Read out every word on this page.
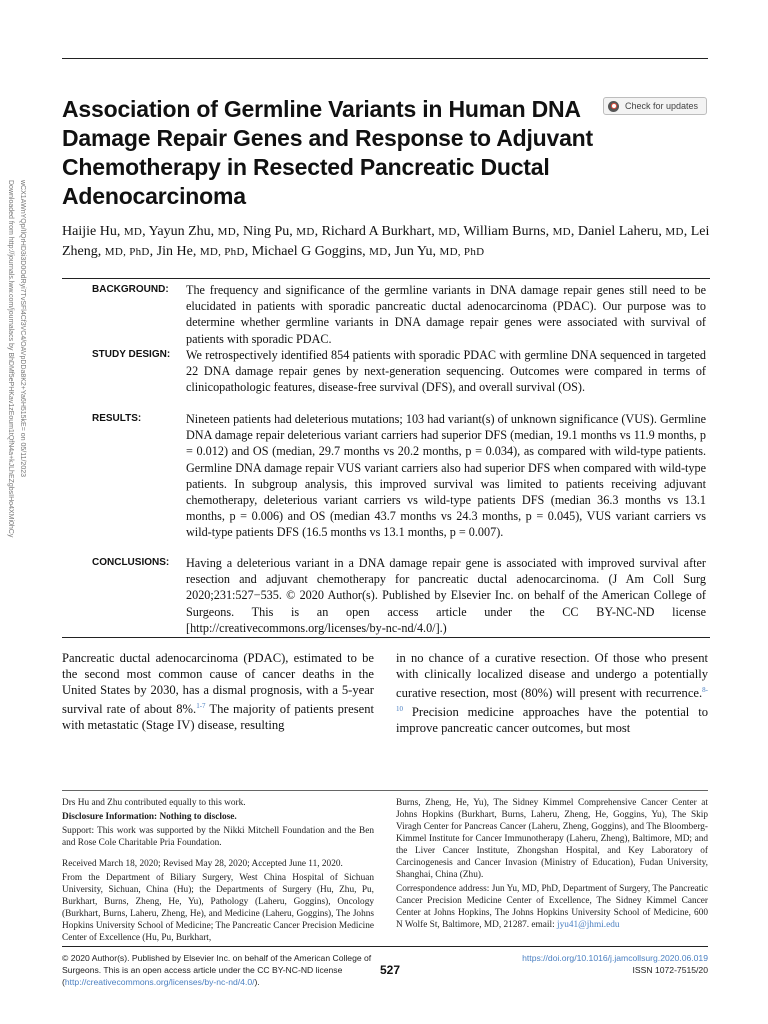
Downloaded from http://journals.lww.com/journalacs by BhDMf5ePHKav1zEoum1tQfN4a+kJLhEZgbsIHo4XMi0hCy wCX1AWnYQp/IlQrHD3i3D0OdRyi7TvSFl4Cf3VC4/OAVpDDa8K2+Ya6H515kE= on 05/11/2023
Association of Germline Variants in Human DNA Damage Repair Genes and Response to Adjuvant Chemotherapy in Resected Pancreatic Ductal Adenocarcinoma
Check for updates
Haijie Hu, MD, Yayun Zhu, MD, Ning Pu, MD, Richard A Burkhart, MD, William Burns, MD, Daniel Laheru, MD, Lei Zheng, MD, PhD, Jin He, MD, PhD, Michael G Goggins, MD, Jun Yu, MD, PhD
BACKGROUND: The frequency and significance of the germline variants in DNA damage repair genes still need to be elucidated in patients with sporadic pancreatic ductal adenocarcinoma (PDAC). Our purpose was to determine whether germline variants in DNA damage repair genes were associated with survival of patients with sporadic PDAC.
STUDY DESIGN: We retrospectively identified 854 patients with sporadic PDAC with germline DNA sequenced in targeted 22 DNA damage repair genes by next-generation sequencing. Outcomes were compared in terms of clinicopathologic features, disease-free survival (DFS), and overall survival (OS).
RESULTS:	Nineteen patients had deleterious mutations; 103 had variant(s) of unknown significance (VUS). Germline DNA damage repair deleterious variant carriers had superior DFS (median, 19.1 months vs 11.9 months, p = 0.012) and OS (median, 29.7 months vs 20.2 months, p = 0.034), as compared with wild-type patients. Germline DNA damage repair VUS variant carriers also had superior DFS when compared with wild-type patients. In subgroup analysis, this improved survival was limited to patients receiving adjuvant chemotherapy, deleterious variant carriers vs wild-type patients DFS (median 36.3 months vs 13.1 months, p = 0.006) and OS (median 43.7 months vs 24.3 months, p = 0.045), VUS variant carriers vs wild-type patients DFS (16.5 months vs 13.1 months, p = 0.007).
CONCLUSIONS: Having a deleterious variant in a DNA damage repair gene is associated with improved survival after resection and adjuvant chemotherapy for pancreatic ductal adenocarcinoma. (J Am Coll Surg 2020;231:527−535. © 2020 Author(s). Published by Elsevier Inc. on behalf of the American College of Surgeons. This is an open access article under the CC BY-NC-ND license [http://creativecommons.org/licenses/by-nc-nd/4.0/].)
Pancreatic ductal adenocarcinoma (PDAC), estimated to be the second most common cause of cancer deaths in the United States by 2030, has a dismal prognosis, with a 5-year survival rate of about 8%.$^{1-7}$ The majority of patients present with metastatic (Stage IV) disease, resulting
in no chance of a curative resection. Of those who present with clinically localized disease and undergo a potentially curative resection, most (80%) will present with recurrence.$^{8-10}$ Precision medicine approaches have the potential to improve pancreatic cancer outcomes, but most
Drs Hu and Zhu contributed equally to this work.
Disclosure Information: Nothing to disclose.
Support: This work was supported by the Nikki Mitchell Foundation and the Ben and Rose Cole Charitable Pria Foundation.
Received March 18, 2020; Revised May 28, 2020; Accepted June 11, 2020.
From the Department of Biliary Surgery, West China Hospital of Sichuan University, Sichuan, China (Hu); the Departments of Surgery (Hu, Zhu, Pu, Burkhart, Burns, Zheng, He, Yu), Pathology (Laheru, Goggins), Oncology (Burkhart, Burns, Laheru, Zheng, He), and Medicine (Laheru, Goggins), The Johns Hopkins University School of Medicine; The Pancreatic Cancer Precision Medicine Center of Excellence (Hu, Pu, Burkhart,
Burns, Zheng, He, Yu), The Sidney Kimmel Comprehensive Cancer Center at Johns Hopkins (Burkhart, Burns, Laheru, Zheng, He, Goggins, Yu), The Skip Viragh Center for Pancreas Cancer (Laheru, Zheng, Goggins), and The Bloomberg-Kimmel Institute for Cancer Immunotherapy (Laheru, Zheng), Baltimore, MD; and the Liver Cancer Institute, Zhongshan Hospital, and Key Laboratory of Carcinogenesis and Cancer Invasion (Ministry of Education), Fudan University, Shanghai, China (Zhu).
Correspondence address: Jun Yu, MD, PhD, Department of Surgery, The Pancreatic Cancer Precision Medicine Center of Excellence, The Sidney Kimmel Cancer Center at Johns Hopkins, The Johns Hopkins University School of Medicine, 600 N Wolfe St, Baltimore, MD, 21287. email: jyu41@jhmi.edu
© 2020 Author(s). Published by Elsevier Inc. on behalf of the American College of Surgeons. This is an open access article under the CC BY-NC-ND license (http://creativecommons.org/licenses/by-nc-nd/4.0/).
527
https://doi.org/10.1016/j.jamcollsurg.2020.06.019
ISSN 1072-7515/20
